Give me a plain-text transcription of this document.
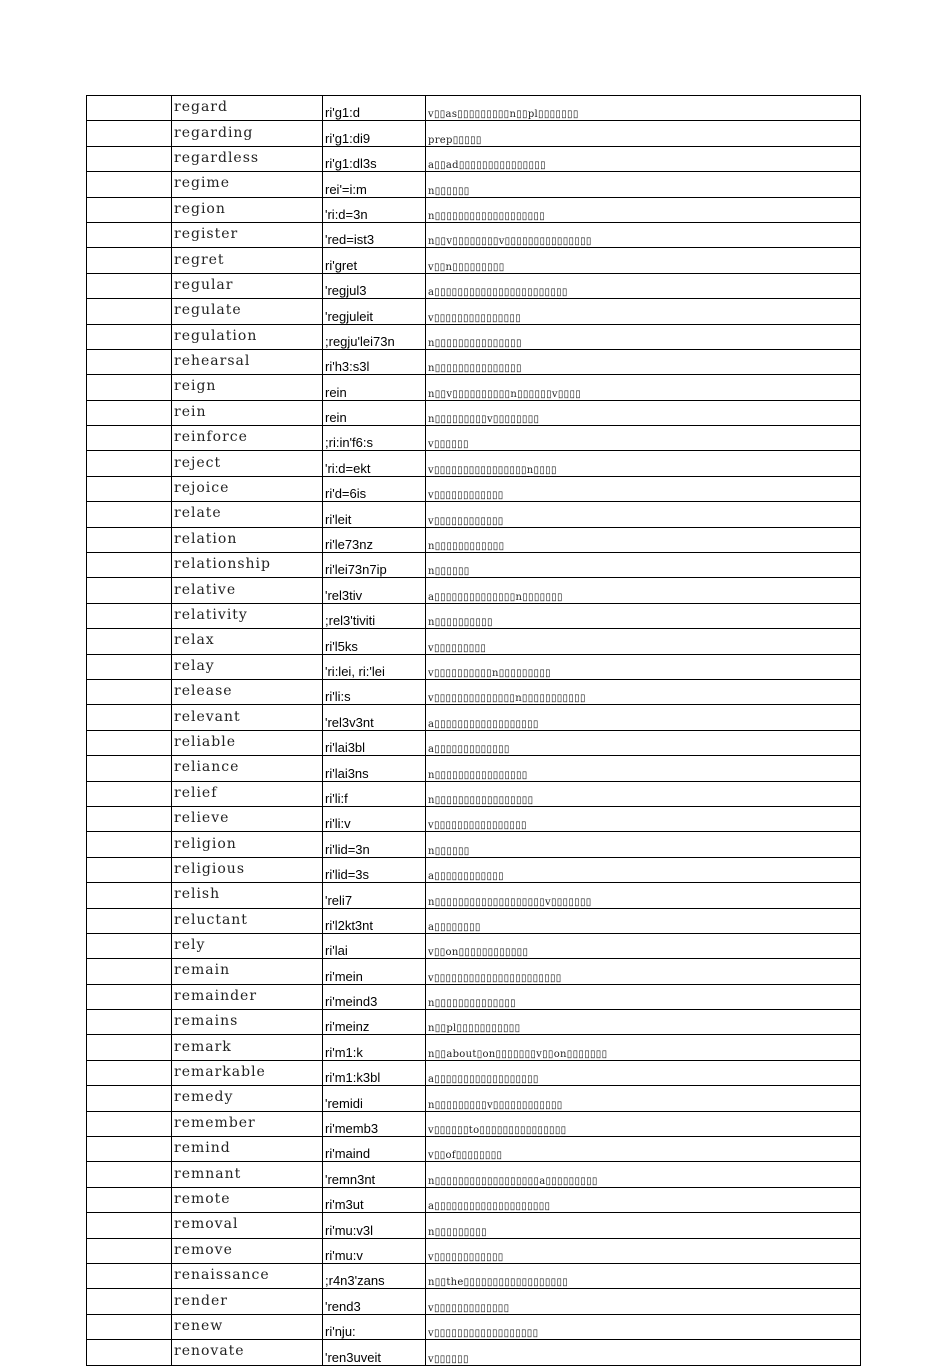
	regard	ri'g1:d	v▯▯as▯▯▯▯▯▯▯▯▯n▯▯pl▯▯▯▯▯▯▯
	regarding	ri'g1:di9	prep▯▯▯▯▯
	regardless	ri'g1:dl3s	a▯▯ad▯▯▯▯▯▯▯▯▯▯▯▯▯▯▯
	regime	rei'=i:m	n▯▯▯▯▯▯
	region	'ri:d=3n	n▯▯▯▯▯▯▯▯▯▯▯▯▯▯▯▯▯▯▯
	register	'red=ist3	n▯▯v▯▯▯▯▯▯▯▯v▯▯▯▯▯▯▯▯▯▯▯▯▯▯▯
	regret	ri'gret	v▯▯n▯▯▯▯▯▯▯▯▯
	regular	'regjul3	a▯▯▯▯▯▯▯▯▯▯▯▯▯▯▯▯▯▯▯▯▯▯▯
	regulate	'regjuleit	v▯▯▯▯▯▯▯▯▯▯▯▯▯▯▯
	regulation	;regju'lei73n	n▯▯▯▯▯▯▯▯▯▯▯▯▯▯▯
	rehearsal	ri'h3:s3l	n▯▯▯▯▯▯▯▯▯▯▯▯▯▯▯
	reign	rein	n▯▯v▯▯▯▯▯▯▯▯▯▯n▯▯▯▯▯▯v▯▯▯▯
	rein	rein	n▯▯▯▯▯▯▯▯▯v▯▯▯▯▯▯▯▯
	reinforce	;ri:in'f6:s	v▯▯▯▯▯▯
	reject	'ri:d=ekt	v▯▯▯▯▯▯▯▯▯▯▯▯▯▯▯▯n▯▯▯▯
	rejoice	ri'd=6is	v▯▯▯▯▯▯▯▯▯▯▯▯
	relate	ri'leit	v▯▯▯▯▯▯▯▯▯▯▯▯
	relation	ri'le73nz	n▯▯▯▯▯▯▯▯▯▯▯▯
	relationship	ri'lei73n7ip	n▯▯▯▯▯▯
	relative	'rel3tiv	a▯▯▯▯▯▯▯▯▯▯▯▯▯▯n▯▯▯▯▯▯▯
	relativity	;rel3'tiviti	n▯▯▯▯▯▯▯▯▯▯
	relax	ri'l5ks	v▯▯▯▯▯▯▯▯▯
	relay	'ri:lei, ri:'lei	v▯▯▯▯▯▯▯▯▯▯n▯▯▯▯▯▯▯▯▯
	release	ri'li:s	v▯▯▯▯▯▯▯▯▯▯▯▯▯▯n▯▯▯▯▯▯▯▯▯▯▯
	relevant	'rel3v3nt	a▯▯▯▯▯▯▯▯▯▯▯▯▯▯▯▯▯▯
	reliable	ri'lai3bl	a▯▯▯▯▯▯▯▯▯▯▯▯▯
	reliance	ri'lai3ns	n▯▯▯▯▯▯▯▯▯▯▯▯▯▯▯▯
	relief	ri'li:f	n▯▯▯▯▯▯▯▯▯▯▯▯▯▯▯▯▯
	relieve	ri'li:v	v▯▯▯▯▯▯▯▯▯▯▯▯▯▯▯▯
	religion	ri'lid=3n	n▯▯▯▯▯▯
	religious	ri'lid=3s	a▯▯▯▯▯▯▯▯▯▯▯▯
	relish	'reli7	n▯▯▯▯▯▯▯▯▯▯▯▯▯▯▯▯▯▯▯v▯▯▯▯▯▯▯
	reluctant	ri'l2kt3nt	a▯▯▯▯▯▯▯▯
	rely	ri'lai	v▯▯on▯▯▯▯▯▯▯▯▯▯▯▯
	remain	ri'mein	v▯▯▯▯▯▯▯▯▯▯▯▯▯▯▯▯▯▯▯▯▯▯
	remainder	ri'meind3	n▯▯▯▯▯▯▯▯▯▯▯▯▯▯
	remains	ri'meinz	n▯▯pl▯▯▯▯▯▯▯▯▯▯▯
	remark	ri'm1:k	n▯▯about▯on▯▯▯▯▯▯▯v▯▯on▯▯▯▯▯▯▯
	remarkable	ri'm1:k3bl	a▯▯▯▯▯▯▯▯▯▯▯▯▯▯▯▯▯▯
	remedy	'remidi	n▯▯▯▯▯▯▯▯▯v▯▯▯▯▯▯▯▯▯▯▯▯
	remember	ri'memb3	v▯▯▯▯▯▯to▯▯▯▯▯▯▯▯▯▯▯▯▯▯▯
	remind	ri'maind	v▯▯of▯▯▯▯▯▯▯▯
	remnant	'remn3nt	n▯▯▯▯▯▯▯▯▯▯▯▯▯▯▯▯▯▯a▯▯▯▯▯▯▯▯▯
	remote	ri'm3ut	a▯▯▯▯▯▯▯▯▯▯▯▯▯▯▯▯▯▯▯▯
	removal	ri'mu:v3l	n▯▯▯▯▯▯▯▯▯
	remove	ri'mu:v	v▯▯▯▯▯▯▯▯▯▯▯▯
	renaissance	;r4n3'zans	n▯▯the▯▯▯▯▯▯▯▯▯▯▯▯▯▯▯▯▯▯
	render	'rend3	v▯▯▯▯▯▯▯▯▯▯▯▯▯
	renew	ri'nju:	v▯▯▯▯▯▯▯▯▯▯▯▯▯▯▯▯▯▯
	renovate	'ren3uveit	v▯▯▯▯▯▯
